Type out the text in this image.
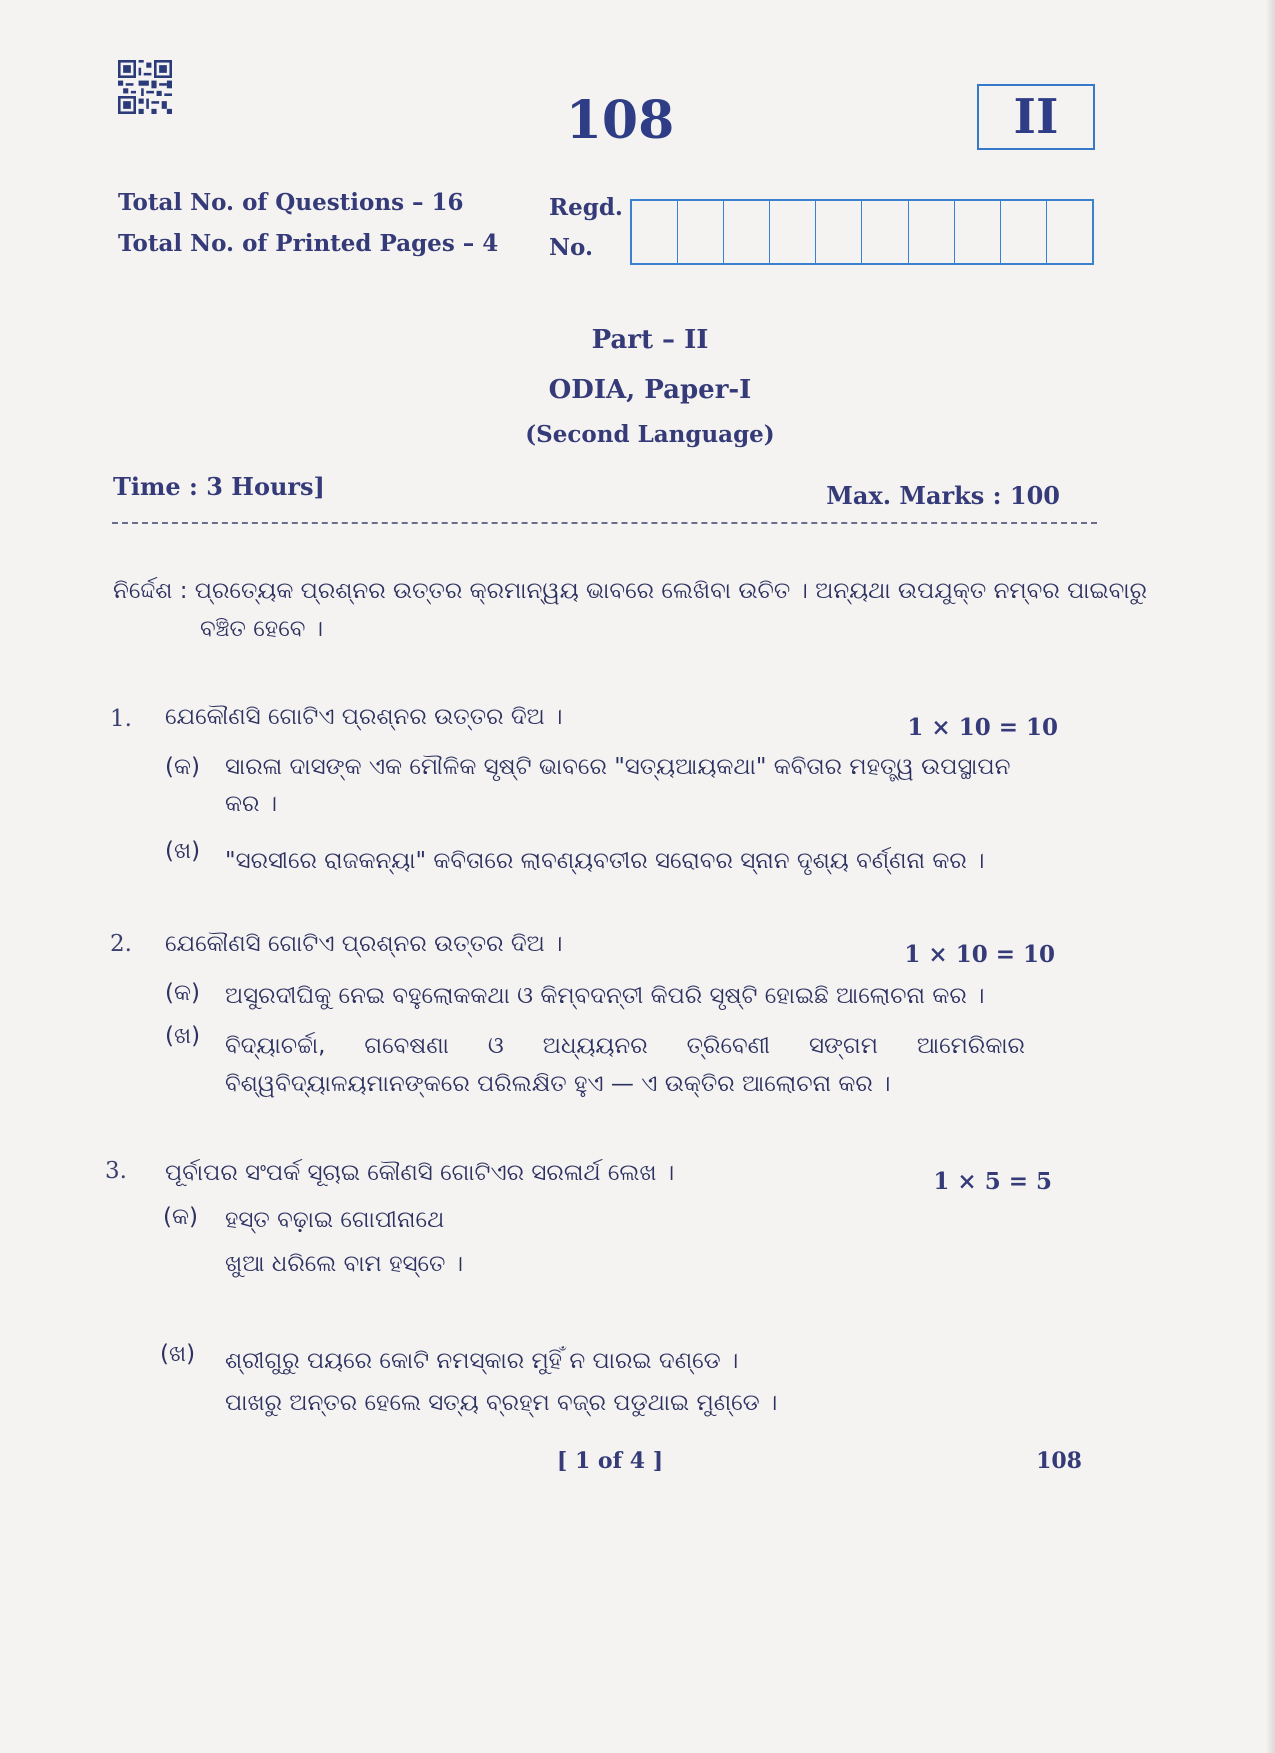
108	II
Total No. of Questions – 16
Total No. of Printed Pages – 4
Regd.
No.
Part – II
ODIA, Paper-I
(Second Language)
Time : 3 Hours]	Max. Marks : 100
ନିର୍ଦ୍ଦେଶ : ପ୍ରତ୍ୟେକ ପ୍ରଶ୍ନର ଉତ୍ତର କ୍ରମାନ୍ୱୟ ଭାବରେ ଲେଖିବା ଉଚିତ । ଅନ୍ୟଥା ଉପଯୁକ୍ତ ନମ୍ବର ପାଇବାରୁ
ବଞ୍ଚିତ ହେବେ ।
1. ଯେକୌଣସି ଗୋଟିଏ ପ୍ରଶ୍ନର ଉତ୍ତର ଦିଅ ।	1 × 10 = 10
(କ) ସାରଳା ଦାସଙ୍କ ଏକ ମୌଳିକ ସୃଷ୍ଟି ଭାବରେ "ସତ୍ୟଆୟକଥା" କବିତାର ମହତ୍ତ୍ୱ ଉପସ୍ଥାପନ
କର ।
(ଖ) "ସରସୀରେ ରାଜକନ୍ୟା" କବିତାରେ ଲାବଣ୍ୟବତୀର ସରୋବର ସ୍ନାନ ଦୃଶ୍ୟ ବର୍ଣ୍ଣନା କର ।
2. ଯେକୌଣସି ଗୋଟିଏ ପ୍ରଶ୍ନର ଉତ୍ତର ଦିଅ ।	1 × 10 = 10
(କ) ଅସୁରଦୀଘିକୁ ନେଇ ବହୁଲୋକକଥା ଓ କିମ୍ବଦନ୍ତୀ କିପରି ସୃଷ୍ଟି ହୋଇଛି ଆଲୋଚନା କର ।
(ଖ) ବିଦ୍ୟାଚର୍ଚ୍ଚା, ଗବେଷଣା ଓ ଅଧ୍ୟୟନର ତ୍ରିବେଣୀ ସଙ୍ଗମ ଆମେରିକାର
ବିଶ୍ୱବିଦ୍ୟାଳୟମାନଙ୍କରେ ପରିଲକ୍ଷିତ ହୁଏ — ଏ ଉକ୍ତିର ଆଲୋଚନା କର ।
3. ପୂର୍ବାପର ସଂପର୍କ ସୂଚାଇ କୌଣସି ଗୋଟିଏର ସରଳାର୍ଥ ଲେଖ ।	1 × 5 = 5
(କ) ହସ୍ତ ବଢ଼ାଇ ଗୋପୀନାଥେ
ଖୁଆ ଧରିଲେ ବାମ ହସ୍ତେ ।
(ଖ) ଶ୍ରୀଗୁରୁ ପୟରେ କୋଟି ନମସ୍କାର ମୁହିଁ ନ ପାରଇ ଦଣ୍ଡେ ।
ପାଖରୁ ଅନ୍ତର ହେଲେ ସତ୍ୟ ବ୍ରହ୍ମ ବଜ୍ର ପଡୁଥାଇ ମୁଣ୍ଡେ ।
[ 1 of 4 ]	108
